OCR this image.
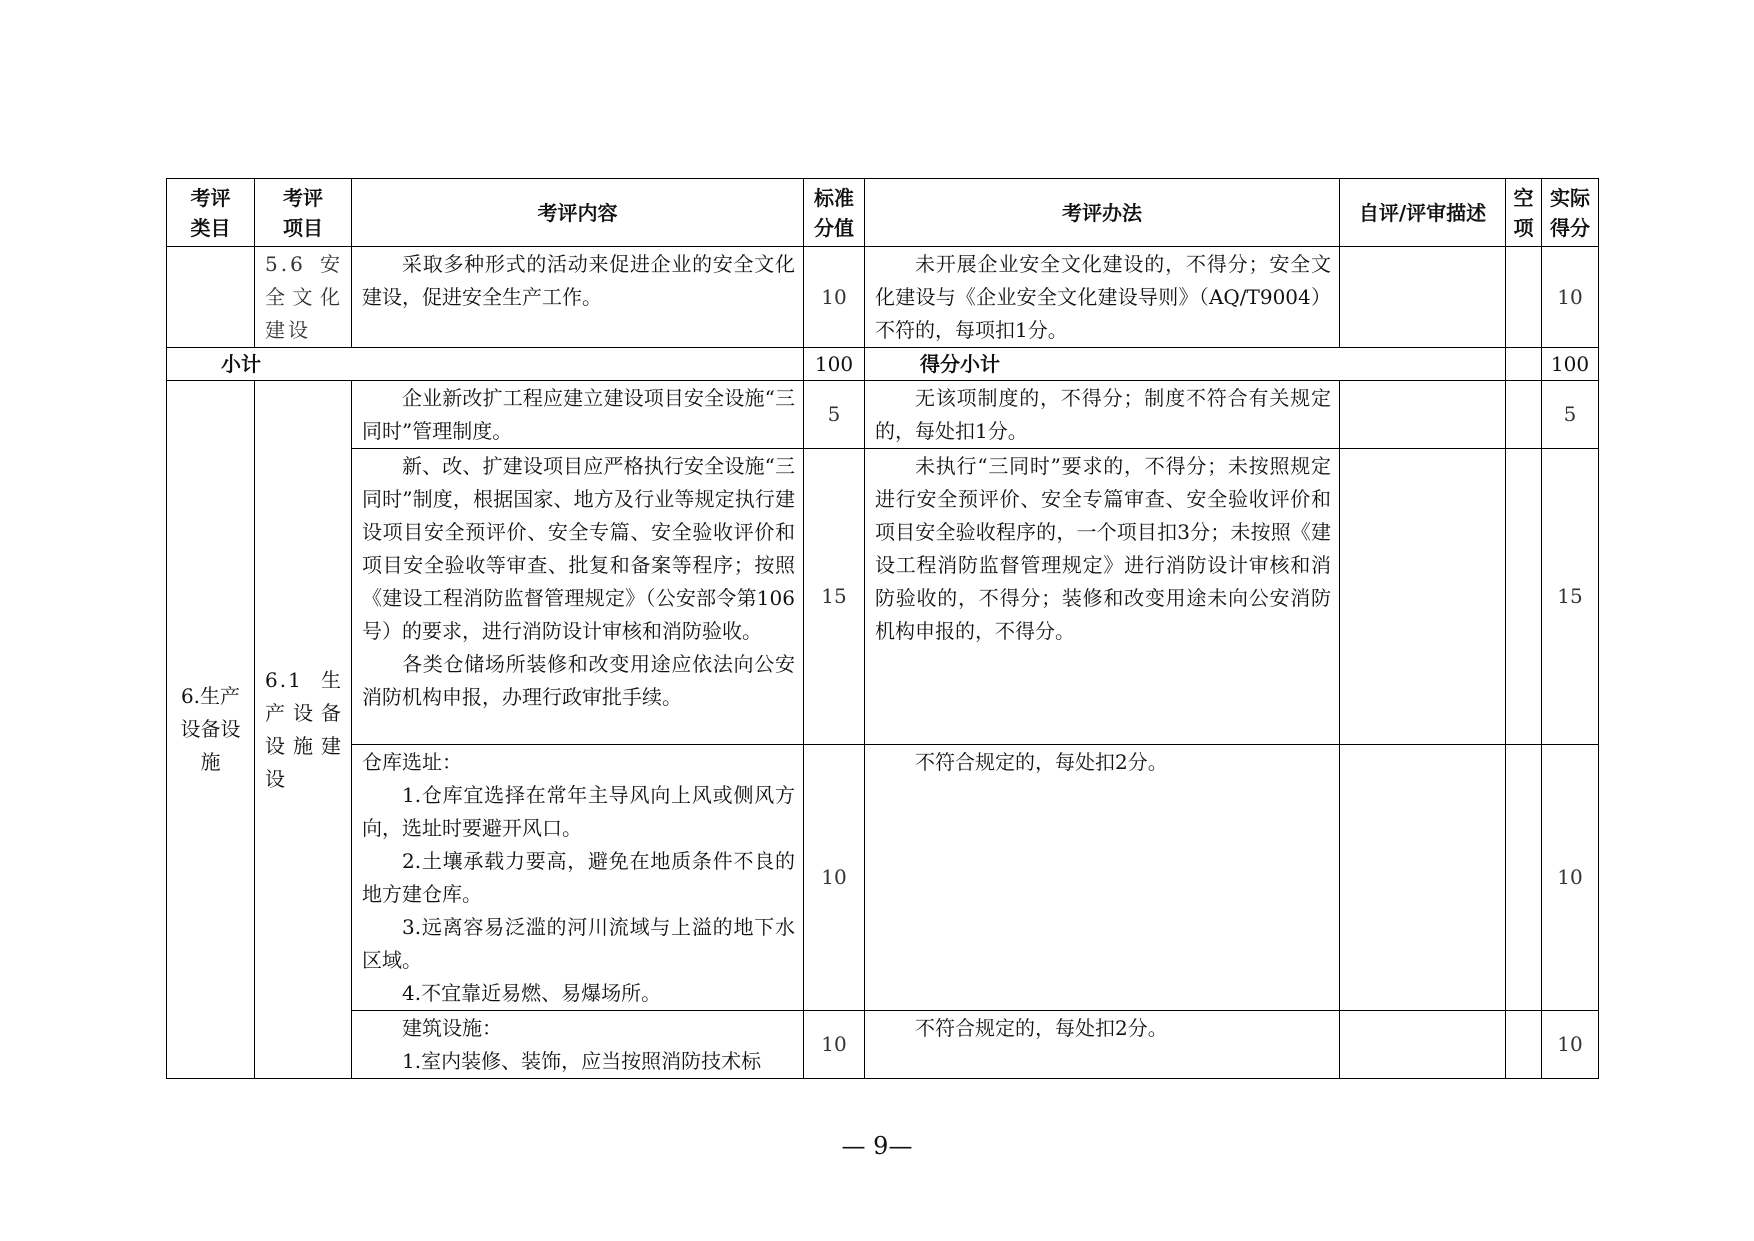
考评类目	考评项目	考评内容	标准分值	考评办法	自评/评审描述	空项	实际得分

	5.6 安全文化建设	采取多种形式的活动来促进企业的安全文化建设，促进安全生产工作。	10	未开展企业安全文化建设的，不得分；安全文化建设与《企业安全文化建设导则》（AQ/T9004）不符的，每项扣1分。			10
小计			100	得分小计			100
6.生产设备设施	6.1 生产设备设施建设	企业新改扩工程应建立建设项目安全设施“三同时”管理制度。	5	无该项制度的，不得分；制度不符合有关规定的，每处扣1分。			5

		新、改、扩建设项目应严格执行安全设施“三同时”制度，根据国家、地方及行业等规定执行建设项目安全预评价、安全专篇、安全验收评价和项目安全验收等审查、批复和备案等程序；按照《建设工程消防监督管理规定》（公安部令第106号）的要求，进行消防设计审核和消防验收。
各类仓储场所装修和改变用途应依法向公安消防机构申报，办理行政审批手续。	15	未执行“三同时”要求的，不得分；未按照规定进行安全预评价、安全专篇审查、安全验收评价和项目安全验收程序的，一个项目扣3分；未按照《建设工程消防监督管理规定》进行消防设计审核和消防验收的，不得分；装修和改变用途未向公安消防机构申报的，不得分。			15

		仓库选址：
1.仓库宜选择在常年主导风向上风或侧风方向，选址时要避开风口。
2.土壤承载力要高，避免在地质条件不良的地方建仓库。
3.远离容易泛滥的河川流域与上溢的地下水区域。
4.不宜靠近易燃、易爆场所。	10	不符合规定的，每处扣2分。			10

		建筑设施：
1.室内装修、装饰，应当按照消防技术标	10	不符合规定的，每处扣2分。			10
— 9—
